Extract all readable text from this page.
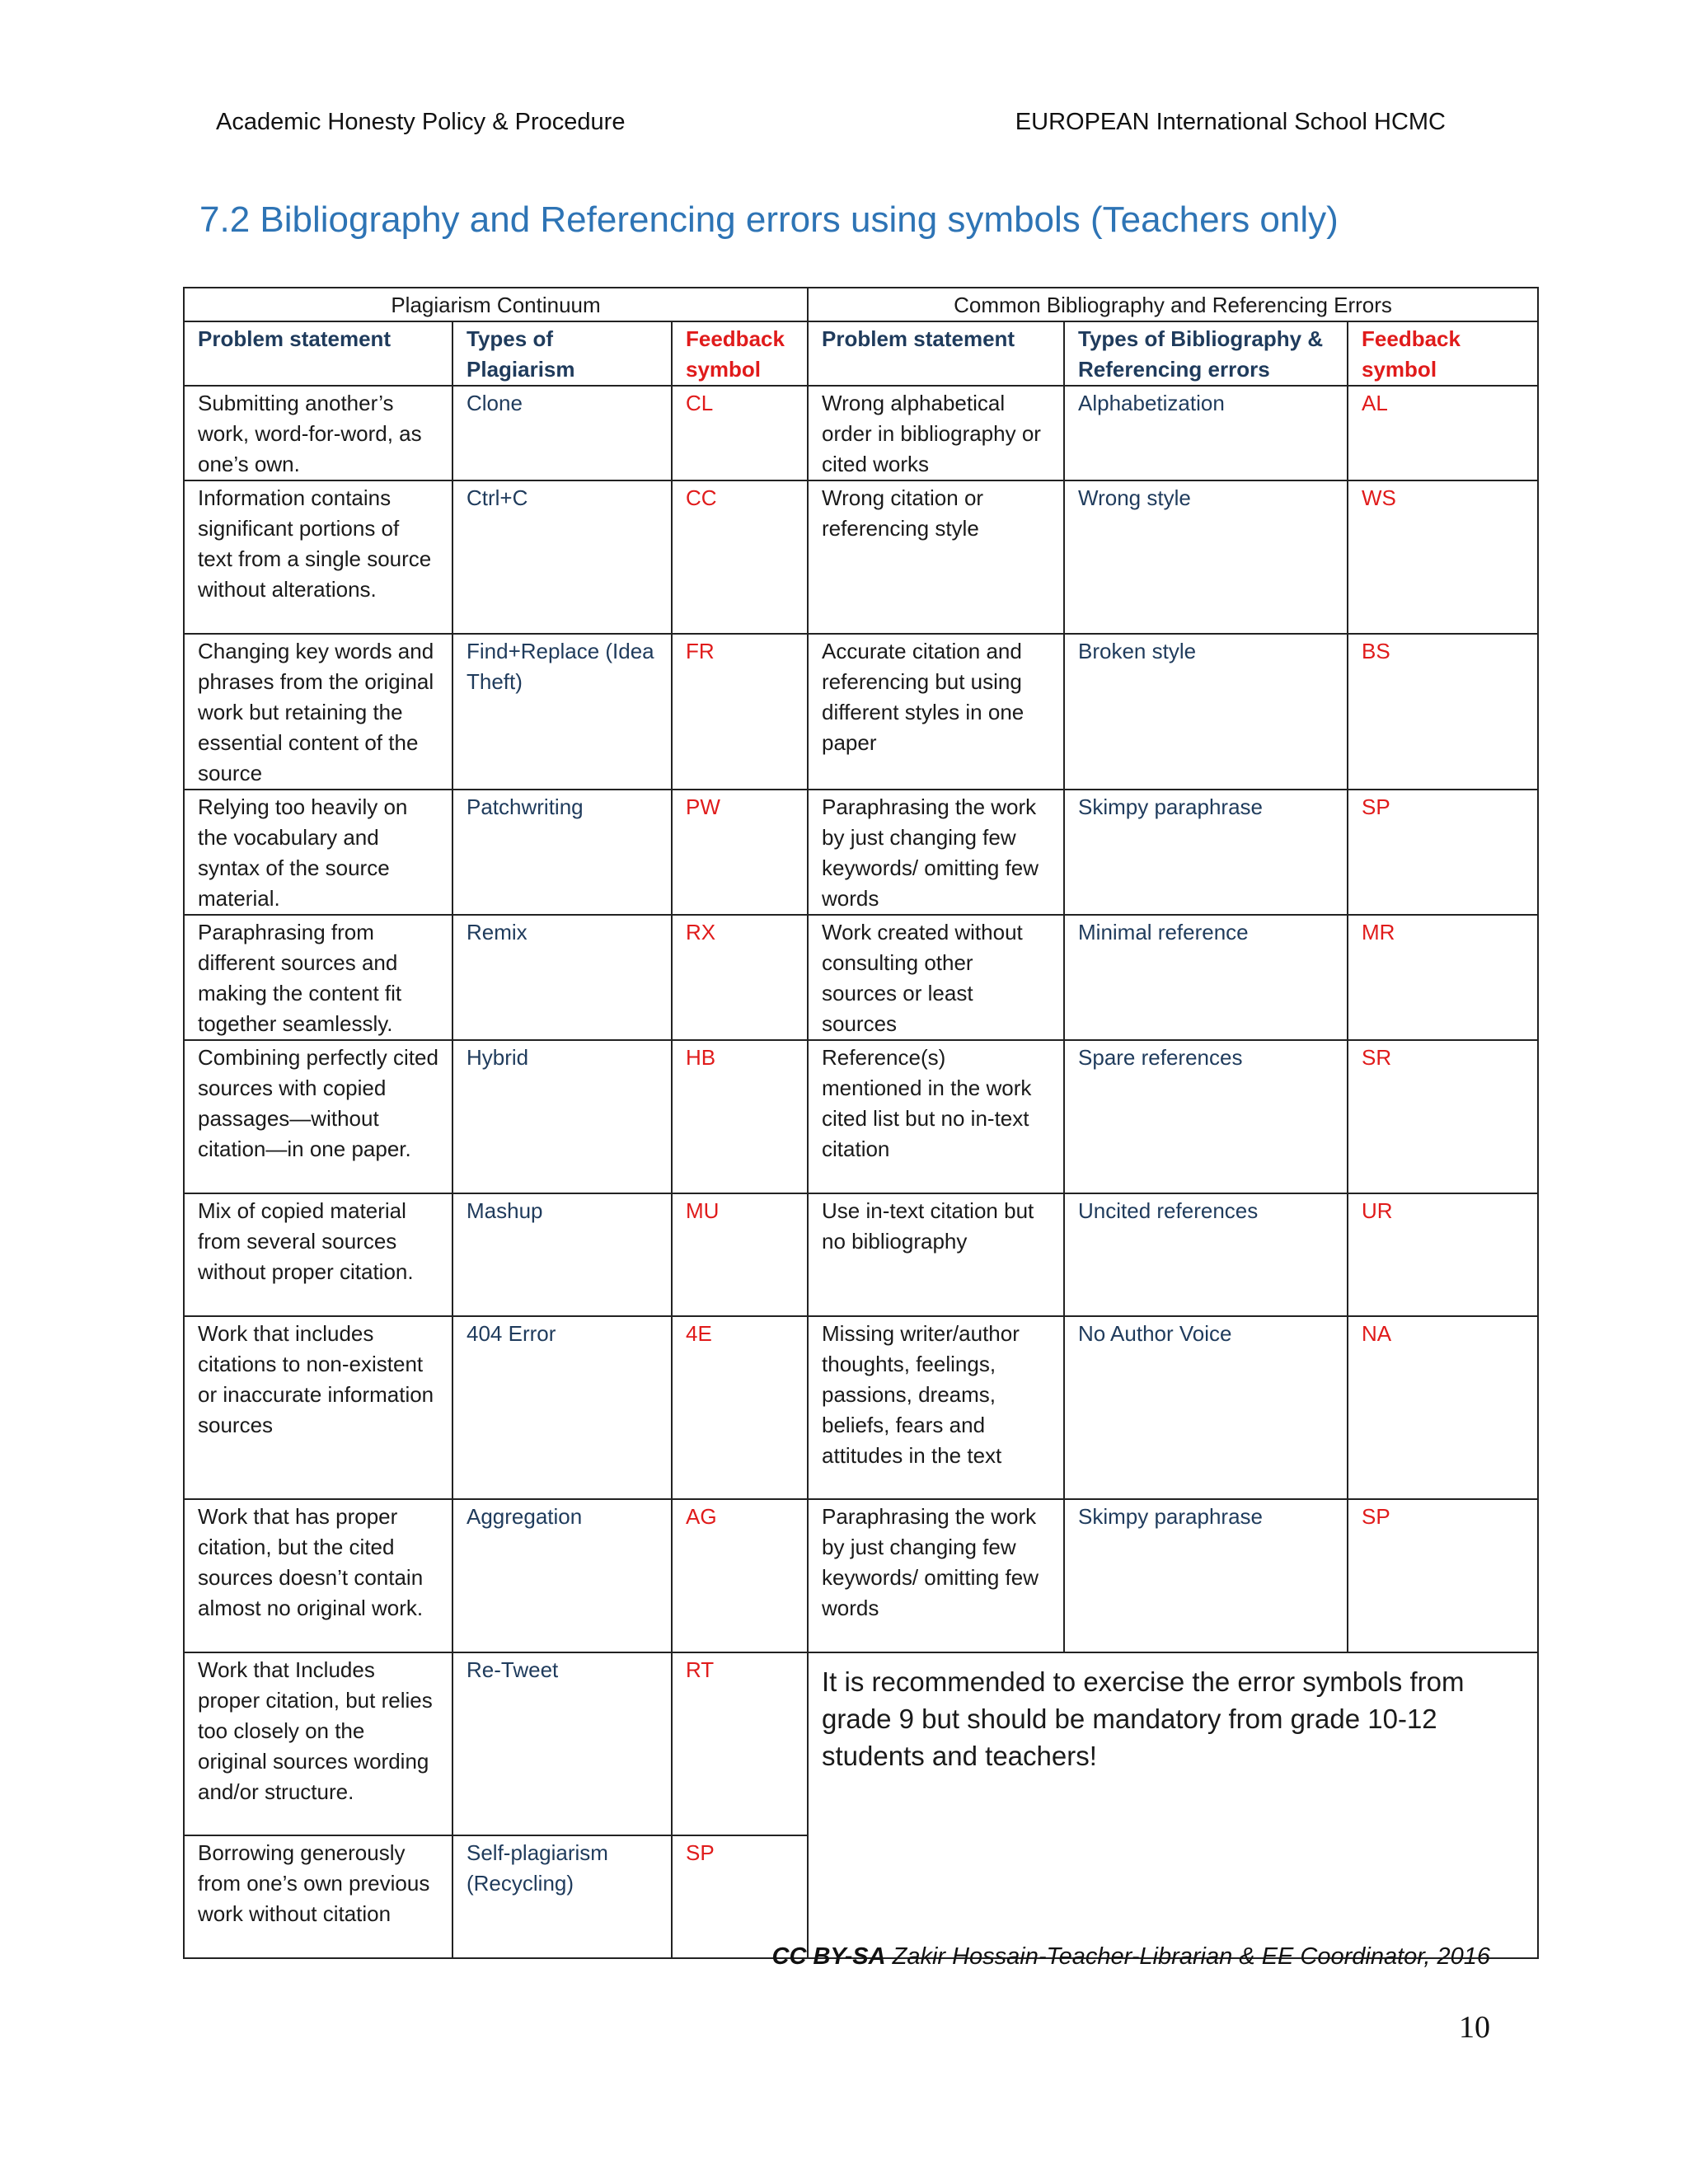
Academic Honesty Policy & Procedure	EUROPEAN International School HCMC
7.2 Bibliography and Referencing errors using symbols (Teachers only)
Plagiarism Continuum			Common Bibliography and Referencing Errors		
Problem statement	Types of Plagiarism	Feedback symbol	Problem statement	Types of Bibliography & Referencing errors	Feedback symbol
Submitting another’s work, word-for-word, as one’s own.	Clone	CL	Wrong alphabetical order in bibliography or cited works	Alphabetization	AL
Information contains significant portions of text from a single source without alterations.	Ctrl+C	CC	Wrong citation or referencing style	Wrong style	WS
Changing key words and phrases from the original work but retaining the essential content of the source	Find+Replace (Idea Theft)	FR	Accurate citation and referencing but using different styles in one paper	Broken style	BS
Relying too heavily on the vocabulary and syntax of the source material.	Patchwriting	PW	Paraphrasing the work by just changing few keywords/ omitting few words	Skimpy paraphrase	SP
Paraphrasing from different sources and making the content fit together seamlessly.	Remix	RX	Work created without consulting other sources or least sources	Minimal reference	MR
Combining perfectly cited sources with copied passages—without citation—in one paper.	Hybrid	HB	Reference(s) mentioned in the work cited list but no in-text citation	Spare references	SR
Mix of copied material from several sources without proper citation.	Mashup	MU	Use in-text citation but no bibliography	Uncited references	UR
Work that includes citations to non-existent or inaccurate information sources	404 Error	4E	Missing writer/author thoughts, feelings, passions, dreams, beliefs, fears and attitudes in the text	No Author Voice	NA
Work that has proper citation, but the cited sources doesn’t contain almost no original work.	Aggregation	AG	Paraphrasing the work by just changing few keywords/ omitting few words	Skimpy paraphrase	SP
Work that Includes proper citation, but relies too closely on the original sources wording and/or structure.	Re-Tweet	RT	It is recommended to exercise the error symbols from grade 9 but should be mandatory from grade 10-12 students and teachers!		
Borrowing generously from one’s own previous work without citation	Self-plagiarism (Recycling)	SP			
CC BY-SA Zakir Hossain-Teacher-Librarian & EE Coordinator, 2016
10
